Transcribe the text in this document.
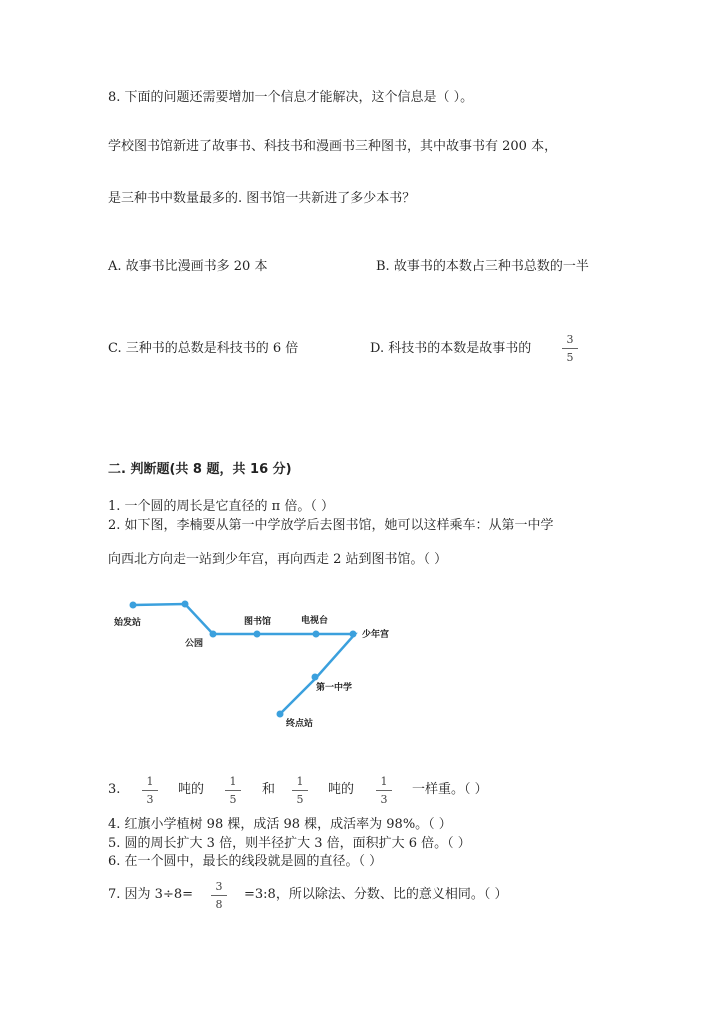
8. 下面的问题还需要增加一个信息才能解决，这个信息是（ ）。
学校图书馆新进了故事书、科技书和漫画书三种图书，其中故事书有 200 本，
是三种书中数量最多的. 图书馆一共新进了多少本书？
A. 故事书比漫画书多 20 本	B. 故事书的本数占三种书总数的一半
C. 三种书的总数是科技书的 6 倍	D. 科技书的本数是故事书的
3
5
二. 判断题(共 8 题，共 16 分)
1. 一个圆的周长是它直径的 π 倍。（ ）
2. 如下图，李楠要从第一中学放学后去图书馆，她可以这样乘车：从第一中学
向西北方向走一站到少年宫，再向西走 2 站到图书馆。（ ）
始发站
公园
图书馆	电视台
少年宫
第一中学
终点站
3.
1
3
吨的
1
5
和
1
5
吨的
1
3
一样重。（ ）
4. 红旗小学植树 98 棵，成活 98 棵，成活率为 98%。（ ）
5. 圆的周长扩大 3 倍，则半径扩大 3 倍，面积扩大 6 倍。（ ）
6. 在一个圆中，最长的线段就是圆的直径。（ ）
7. 因为 3÷8=
3
8
=3:8，所以除法、分数、比的意义相同。（ ）
